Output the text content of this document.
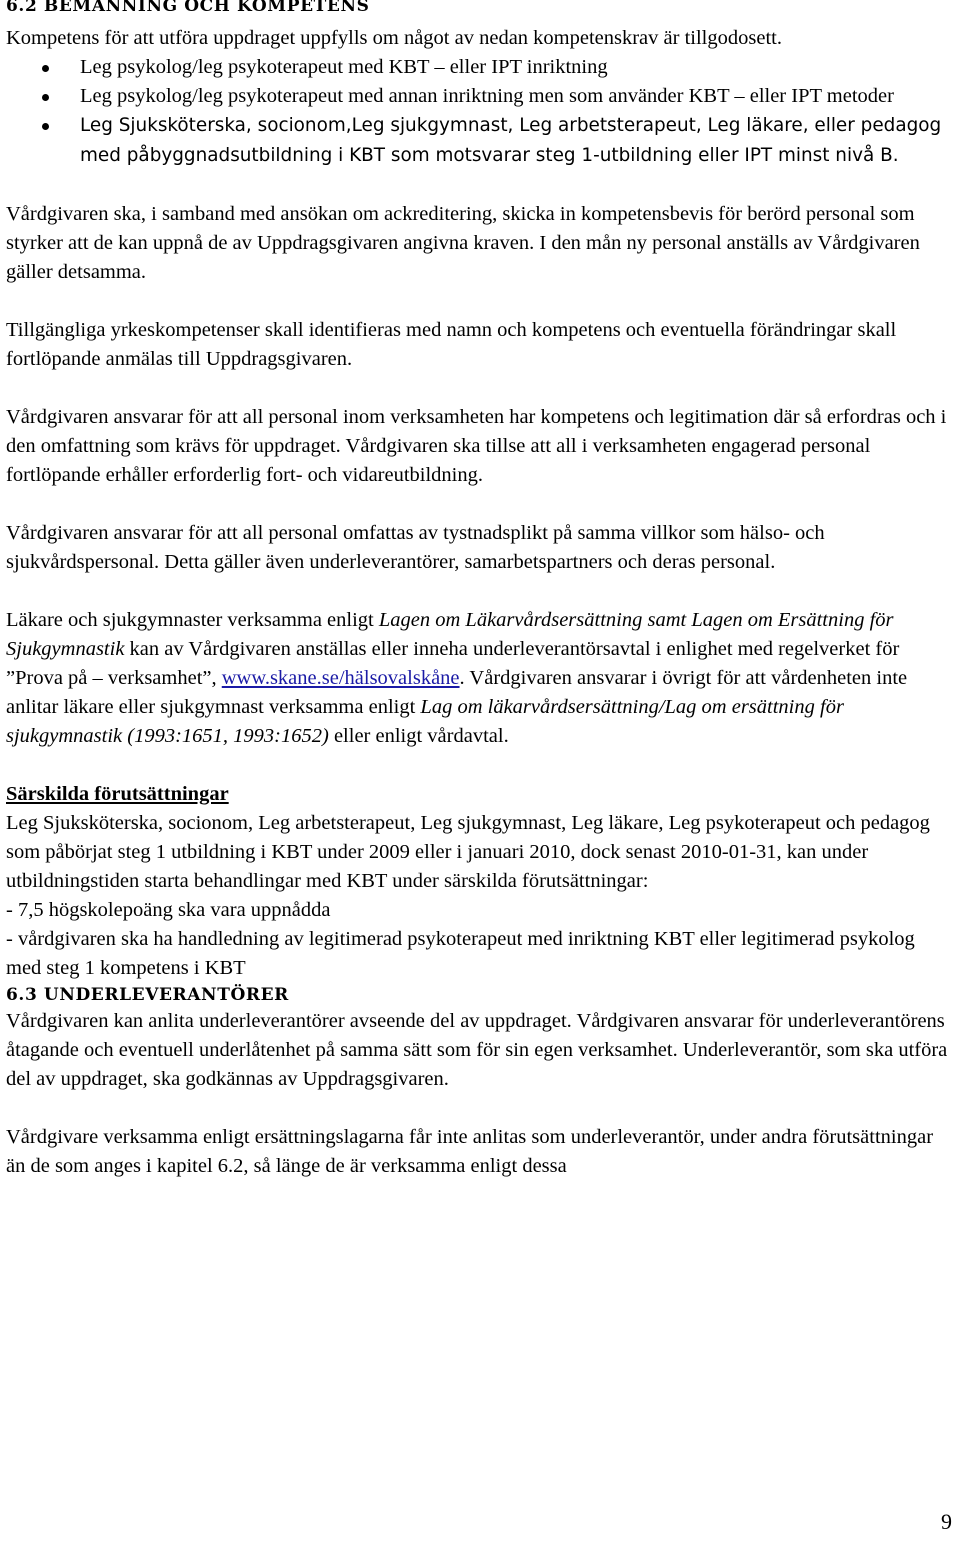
6.2 BEMANNING OCH KOMPETENS

Kompetens för att utföra uppdraget uppfylls om något av nedan kompetenskrav är tillgodosett.

Leg psykolog/leg psykoterapeut med KBT – eller IPT inriktning
Leg psykolog/leg psykoterapeut med annan inriktning men som använder KBT – eller IPT metoder
Leg Sjuksköterska, socionom,Leg sjukgymnast, Leg arbetsterapeut, Leg läkare, eller pedagog med påbyggnadsutbildning i KBT som motsvarar steg 1-utbildning eller IPT minst nivå B.

Vårdgivaren ska, i samband med ansökan om ackreditering, skicka in kompetensbevis för berörd personal som styrker att de kan uppnå de av Uppdragsgivaren angivna kraven. I den mån ny personal anställs av Vårdgivaren gäller detsamma.

Tillgängliga yrkeskompetenser skall identifieras med namn och kompetens och eventuella förändringar skall fortlöpande anmälas till Uppdragsgivaren.

Vårdgivaren ansvarar för att all personal inom verksamheten har kompetens och legitimation där så erfordras och i den omfattning som krävs för uppdraget. Vårdgivaren ska tillse att all i verksamheten engagerad personal fortlöpande erhåller erforderlig fort- och vidareutbildning.

Vårdgivaren ansvarar för att all personal omfattas av tystnadsplikt på samma villkor som hälso- och sjukvårdspersonal. Detta gäller även underleverantörer, samarbetspartners och deras personal.

Läkare och sjukgymnaster verksamma enligt Lagen om Läkarvårdsersättning samt Lagen om Ersättning för Sjukgymnastik kan av Vårdgivaren anställas eller inneha underleverantörsavtal i enlighet med regelverket för ”Prova på – verksamhet”, www.skane.se/hälsovalskåne. Vårdgivaren ansvarar i övrigt för att vårdenheten inte anlitar läkare eller sjukgymnast verksamma enligt Lag om läkarvårdsersättning/Lag om ersättning för sjukgymnastik (1993:1651, 1993:1652) eller enligt vårdavtal.

Särskilda förutsättningar

Leg Sjuksköterska, socionom, Leg arbetsterapeut, Leg sjukgymnast, Leg läkare, Leg psykoterapeut och pedagog som påbörjat steg 1 utbildning i KBT under 2009 eller i januari 2010, dock senast 2010-01-31, kan under utbildningstiden starta behandlingar med KBT under särskilda förutsättningar:

- 7,5 högskolepoäng ska vara uppnådda

- vårdgivaren ska ha handledning av legitimerad psykoterapeut med inriktning KBT eller legitimerad psykolog med steg 1 kompetens i KBT

6.3 UNDERLEVERANTÖRER

Vårdgivaren kan anlita underleverantörer avseende del av uppdraget. Vårdgivaren ansvarar för underleverantörens åtagande och eventuell underlåtenhet på samma sätt som för sin egen verksamhet. Underleverantör, som ska utföra del av uppdraget, ska godkännas av Uppdragsgivaren.

Vårdgivare verksamma enligt ersättningslagarna får inte anlitas som underleverantör, under andra förutsättningar än de som anges i kapitel 6.2, så länge de är verksamma enligt dessa

9
